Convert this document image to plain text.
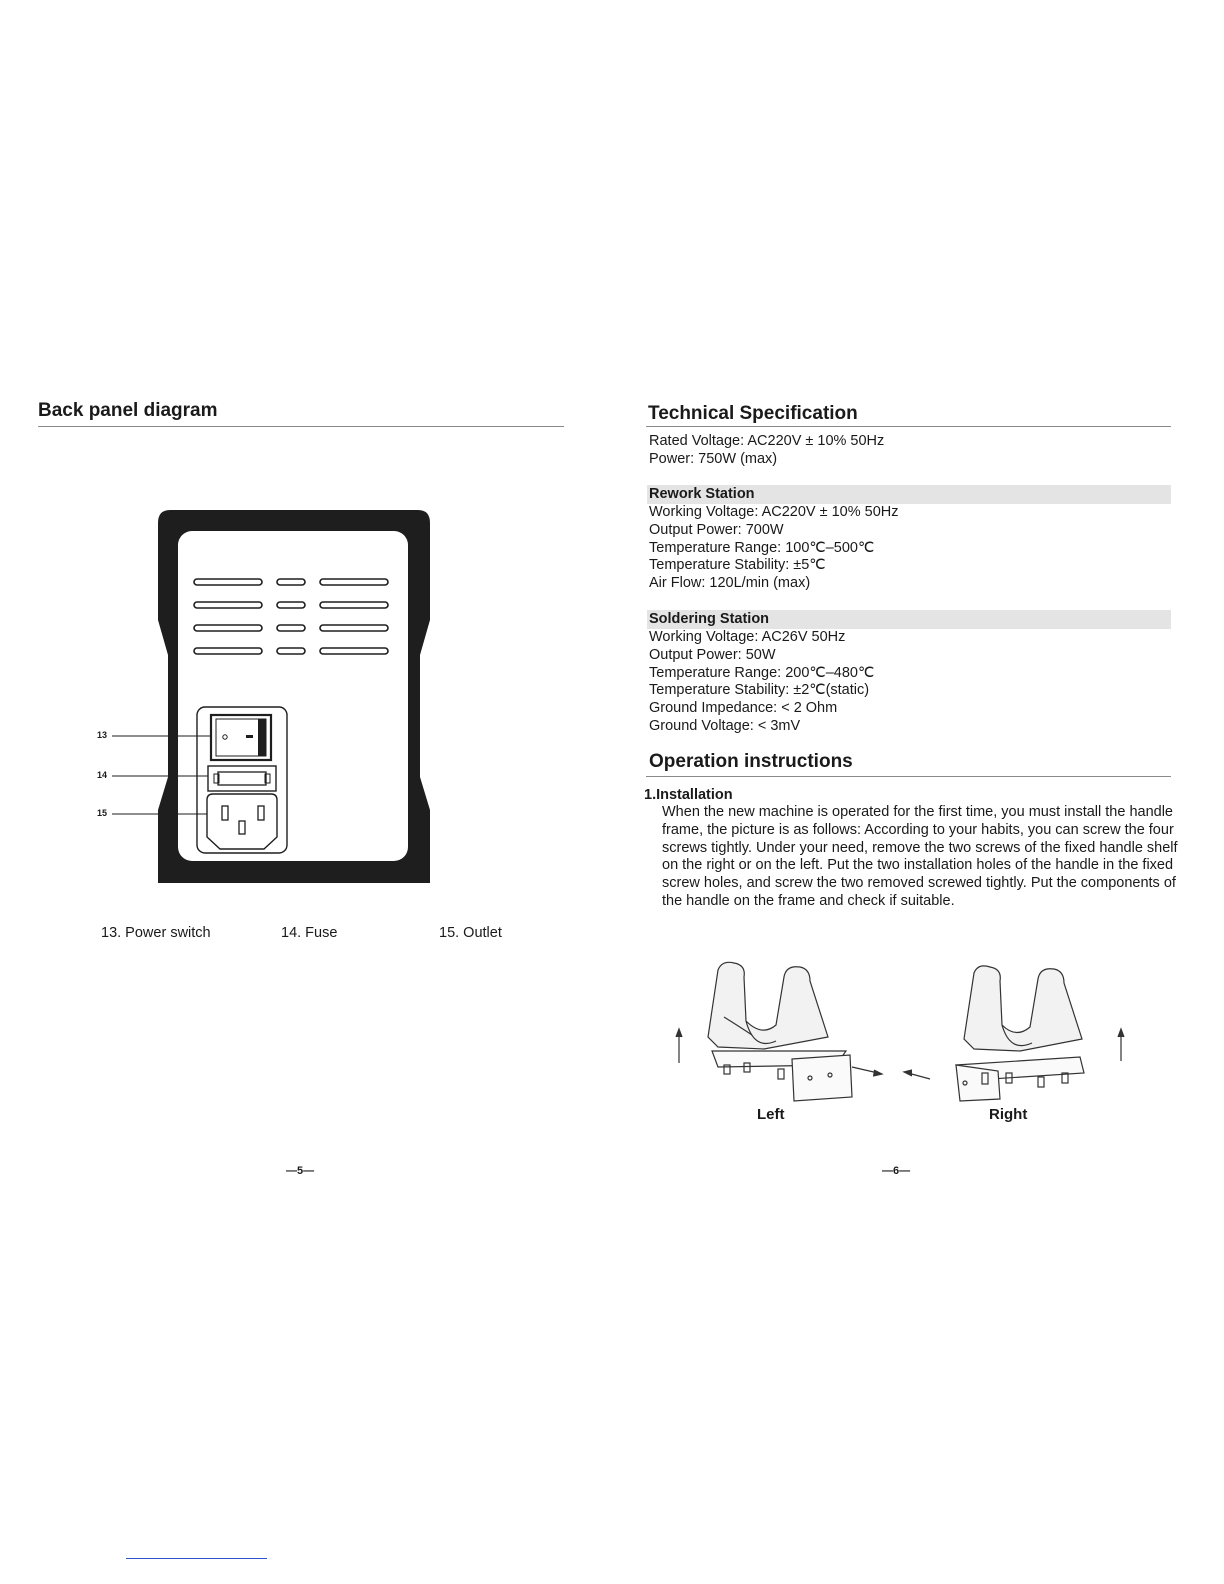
Back panel diagram
13
14
15
13. Power switch	14. Fuse	15. Outlet
—5—
Technical Specification
Rated Voltage: AC220V ± 10% 50Hz
Power: 750W (max)
Rework Station
Working Voltage: AC220V ± 10% 50Hz
Output Power: 700W
Temperature Range: 100℃–500℃
Temperature Stability: ±5℃
Air Flow: 120L/min (max)
Soldering Station
Working Voltage: AC26V 50Hz
Output Power: 50W
Temperature Range: 200℃–480℃
Temperature Stability: ±2℃(static)
Ground Impedance: < 2 Ohm
Ground Voltage: < 3mV
Operation instructions
1.Installation
When the new machine is operated for the first time, you must install the handle frame, the picture is as follows: According to your habits, you can screw the four screws tightly. Under your need, remove the two screws of the fixed handle shelf on the right or on the left. Put the two installation holes of the handle in the fixed screw holes, and screw the two removed screwed tightly. Put the components of the handle on the frame and check if suitable.
Left	Right
—6—
